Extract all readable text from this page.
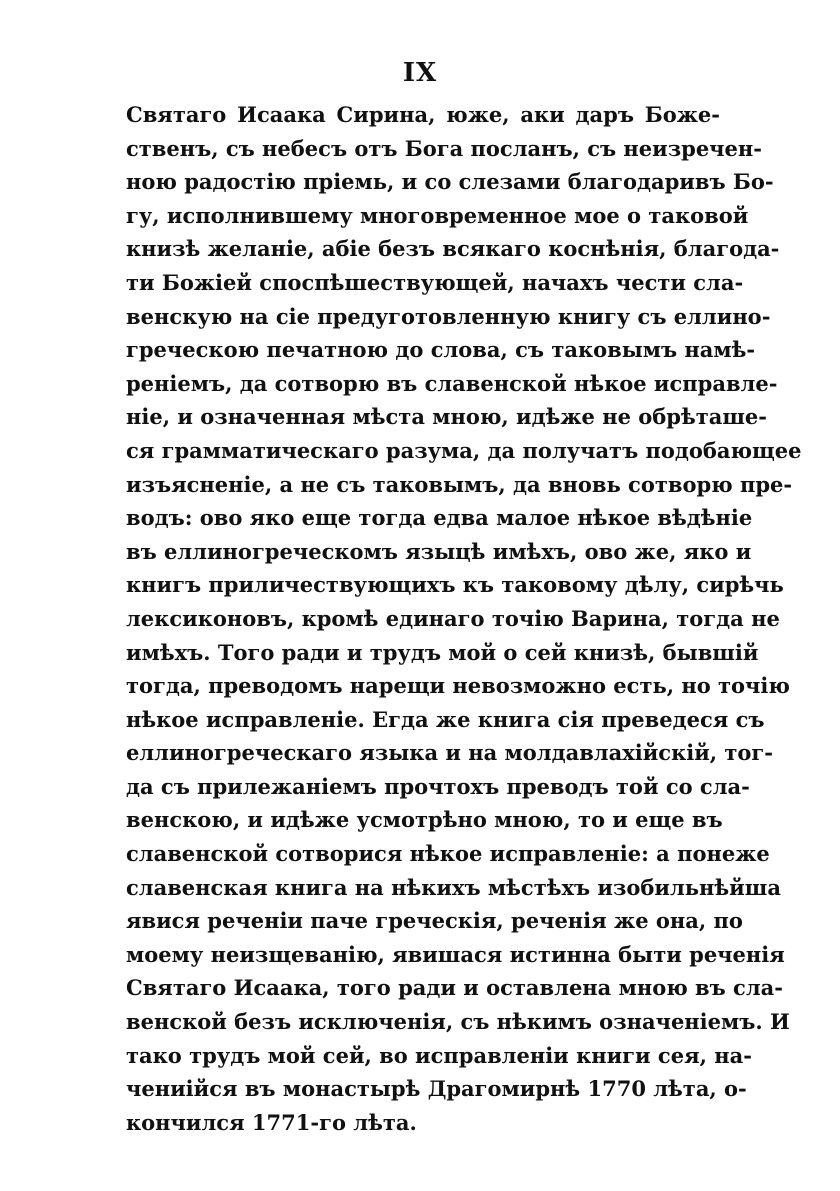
IX
Святаго Исаака Сирина, юже, аки даръ Боже-
ственъ, съ небесъ отъ Бога посланъ, съ неизречен-
ною радостію пріемь, и со слезами благодаривъ Бо-
гу, исполнившему многовременное мое о таковой
книзѣ желаніе, абіе безъ всякаго коснѣнія, благода-
ти Божіей споспѣшествующей, начахъ чести сла-
венскую на сіе предуготовленную книгу съ еллино-
греческою печатною до слова, съ таковымъ намѣ-
реніемъ, да сотворю въ славенской нѣкое исправле-
ніе, и означенная мѣста мною, идѣже не обрѣташе-
ся грамматическаго разума, да получатъ подобающее
изъясненіе, а не съ таковымъ, да вновь сотворю пре-
водъ: ово яко еще тогда едва малое нѣкое вѣдѣніе
въ еллиногреческомъ языцѣ имѣхъ, ово же, яко и
книгъ приличествующихъ къ таковому дѣлу, сирѣчь
лексиконовъ, кромѣ единаго точію Варина, тогда не
имѣхъ. Того ради и трудъ мой о сей книзѣ, бывшій
тогда, преводомъ нарещи невозможно есть, но точію
нѣкое исправленіе. Егда же книга сія преведеся съ
еллиногреческаго языка и на молдавлахійскій, тог-
да съ прилежаніемъ прочтохъ преводъ той со сла-
венскою, и идѣже усмотрѣно мною, то и еще въ
славенской сотворися нѣкое исправленіе: а понеже
славенская книга на нѣкихъ мѣстѣхъ изобильнѣйша
явися реченіи паче греческія, реченія же она, по
моему неизщеванію, явишася истинна быти реченія
Святаго Исаака, того ради и оставлена мною въ сла-
венской безъ исключенія, съ нѣкимъ означеніемъ. И
тако трудъ мой сей, во исправленіи книги сея, на-
чениійся въ монастырѣ Драгомирнѣ 1770 лѣта, о-
кончился 1771-го лѣта.
